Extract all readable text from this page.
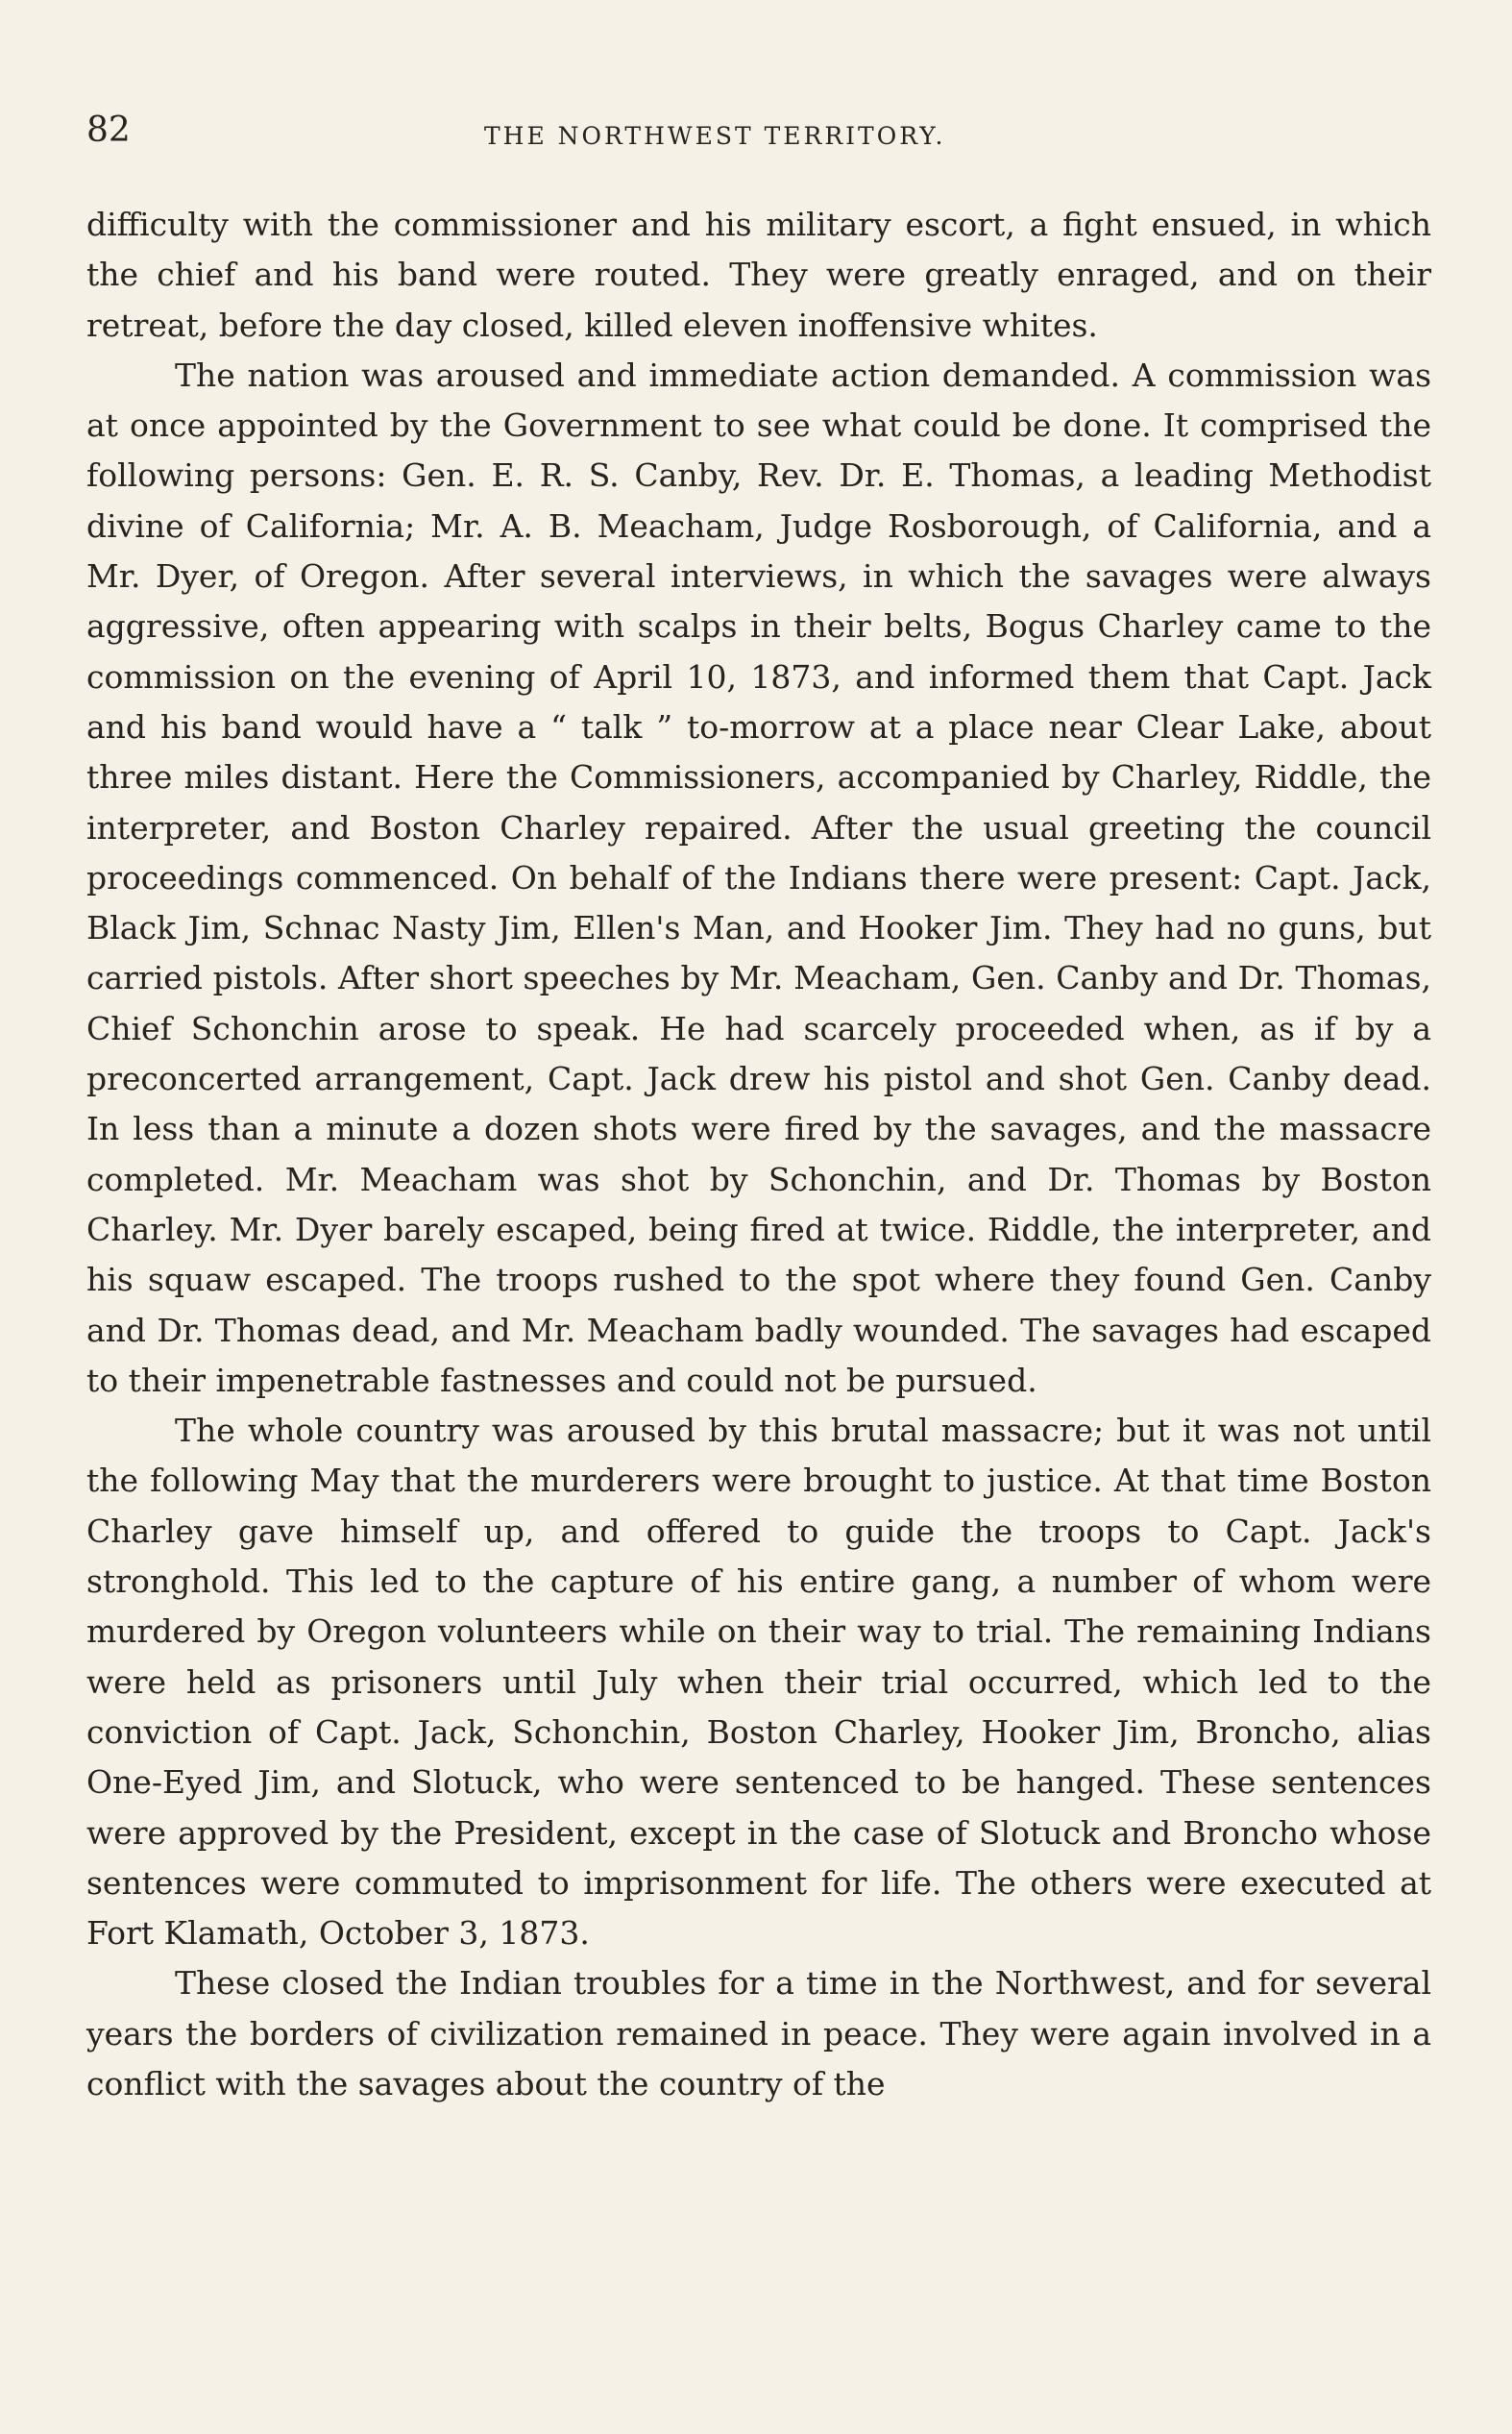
82	THE NORTHWEST TERRITORY.

difficulty with the commissioner and his military escort, a fight ensued, in which the chief and his band were routed. They were greatly enraged, and on their retreat, before the day closed, killed eleven inoffensive whites.

The nation was aroused and immediate action demanded. A commission was at once appointed by the Government to see what could be done. It comprised the following persons: Gen. E. R. S. Canby, Rev. Dr. E. Thomas, a leading Methodist divine of California; Mr. A. B. Meacham, Judge Rosborough, of California, and a Mr. Dyer, of Oregon. After several interviews, in which the savages were always aggressive, often appearing with scalps in their belts, Bogus Charley came to the commission on the evening of April 10, 1873, and informed them that Capt. Jack and his band would have a “ talk ” to-morrow at a place near Clear Lake, about three miles distant. Here the Commissioners, accompanied by Charley, Riddle, the interpreter, and Boston Charley repaired. After the usual greeting the council proceedings commenced. On behalf of the Indians there were present: Capt. Jack, Black Jim, Schnac Nasty Jim, Ellen's Man, and Hooker Jim. They had no guns, but carried pistols. After short speeches by Mr. Meacham, Gen. Canby and Dr. Thomas, Chief Schonchin arose to speak. He had scarcely proceeded when, as if by a preconcerted arrangement, Capt. Jack drew his pistol and shot Gen. Canby dead. In less than a minute a dozen shots were fired by the savages, and the massacre completed. Mr. Meacham was shot by Schonchin, and Dr. Thomas by Boston Charley. Mr. Dyer barely escaped, being fired at twice. Riddle, the interpreter, and his squaw escaped. The troops rushed to the spot where they found Gen. Canby and Dr. Thomas dead, and Mr. Meacham badly wounded. The savages had escaped to their impenetrable fastnesses and could not be pursued.

The whole country was aroused by this brutal massacre; but it was not until the following May that the murderers were brought to justice. At that time Boston Charley gave himself up, and offered to guide the troops to Capt. Jack's stronghold. This led to the capture of his entire gang, a number of whom were murdered by Oregon volunteers while on their way to trial. The remaining Indians were held as prisoners until July when their trial occurred, which led to the conviction of Capt. Jack, Schonchin, Boston Charley, Hooker Jim, Broncho, alias One-Eyed Jim, and Slotuck, who were sentenced to be hanged. These sentences were approved by the President, except in the case of Slotuck and Broncho whose sentences were commuted to imprisonment for life. The others were executed at Fort Klamath, October 3, 1873.

These closed the Indian troubles for a time in the Northwest, and for several years the borders of civilization remained in peace. They were again involved in a conflict with the savages about the country of the
